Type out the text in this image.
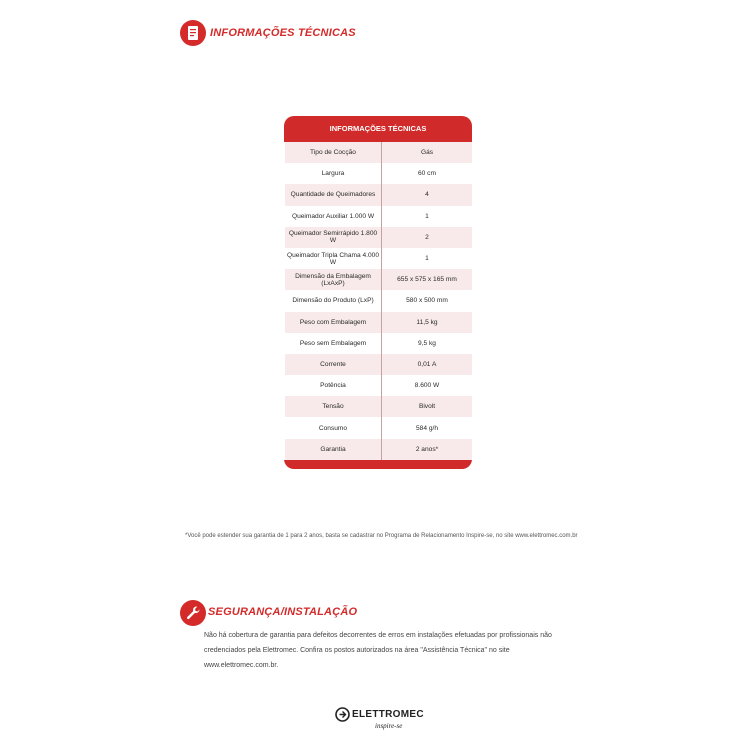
INFORMAÇÕES TÉCNICAS
INFORMAÇÕES TÉCNICAS
Tipo de Cocção	Gás
Largura	60 cm
Quantidade de Queimadores	4
Queimador Auxiliar 1.000 W	1
Queimador Semirrápido 1.800 W	2
Queimador Tripla Chama 4.000 W	1
Dimensão da Embalagem (LxAxP)	655 x 575 x 165 mm
Dimensão do Produto (LxP)	580 x 500 mm
Peso com Embalagem	11,5 kg
Peso sem Embalagem	9,5 kg
Corrente	0,01 A
Potência	8.600 W
Tensão	Bivolt
Consumo	584 g/h
Garantia	2 anos*
*Você pode estender sua garantia de 1 para 2 anos, basta se cadastrar no Programa de Relacionamento Inspire-se, no site www.elettromec.com.br
SEGURANÇA/INSTALAÇÃO
Não há cobertura de garantia para defeitos decorrentes de erros em instalações efetuadas por profissionais não credenciados pela Elettromec. Confira os postos autorizados na área "Assistência Técnica" no site www.elettromec.com.br.
ELETTROMEC
inspire-se
